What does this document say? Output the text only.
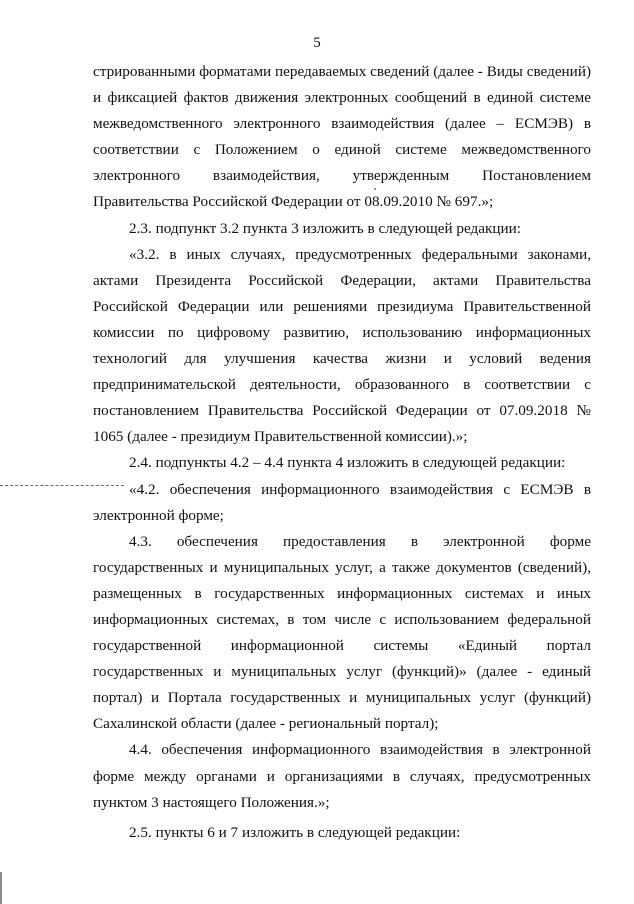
5

стрированными форматами передаваемых сведений (далее - Виды сведений) и фиксацией фактов движения электронных сообщений в единой системе межведомственного электронного взаимодействия (далее – ЕСМЭВ) в соответствии с Положением о единой системе межведомственного электронного взаимодействия, утвержденным Постановлением Правительства Российской Федерации от 08.09.2010 № 697.»;

2.3. подпункт 3.2 пункта 3 изложить в следующей редакции:

«3.2. в иных случаях, предусмотренных федеральными законами, актами Президента Российской Федерации, актами Правительства Российской Федерации или решениями президиума Правительственной комиссии по цифровому развитию, использованию информационных технологий для улучшения качества жизни и условий ведения предпринимательской деятельности, образованного в соответствии с постановлением Правительства Российской Федерации от 07.09.2018 № 1065 (далее - президиум Правительственной комиссии).»;

2.4. подпункты 4.2 – 4.4 пункта 4 изложить в следующей редакции:

«4.2. обеспечения информационного взаимодействия с ЕСМЭВ в электронной форме;

4.3. обеспечения предоставления в электронной форме государственных и муниципальных услуг, а также документов (сведений), размещенных в государственных информационных системах и иных информационных системах, в том числе с использованием федеральной государственной информационной системы «Единый портал государственных и муниципальных услуг (функций)» (далее - единый портал) и Портала государственных и муниципальных услуг (функций) Сахалинской области (далее - региональный портал);

4.4. обеспечения информационного взаимодействия в электронной форме между органами и организациями в случаях, предусмотренных пунктом 3 настоящего Положения.»;

2.5. пункты 6 и 7 изложить в следующей редакции:
